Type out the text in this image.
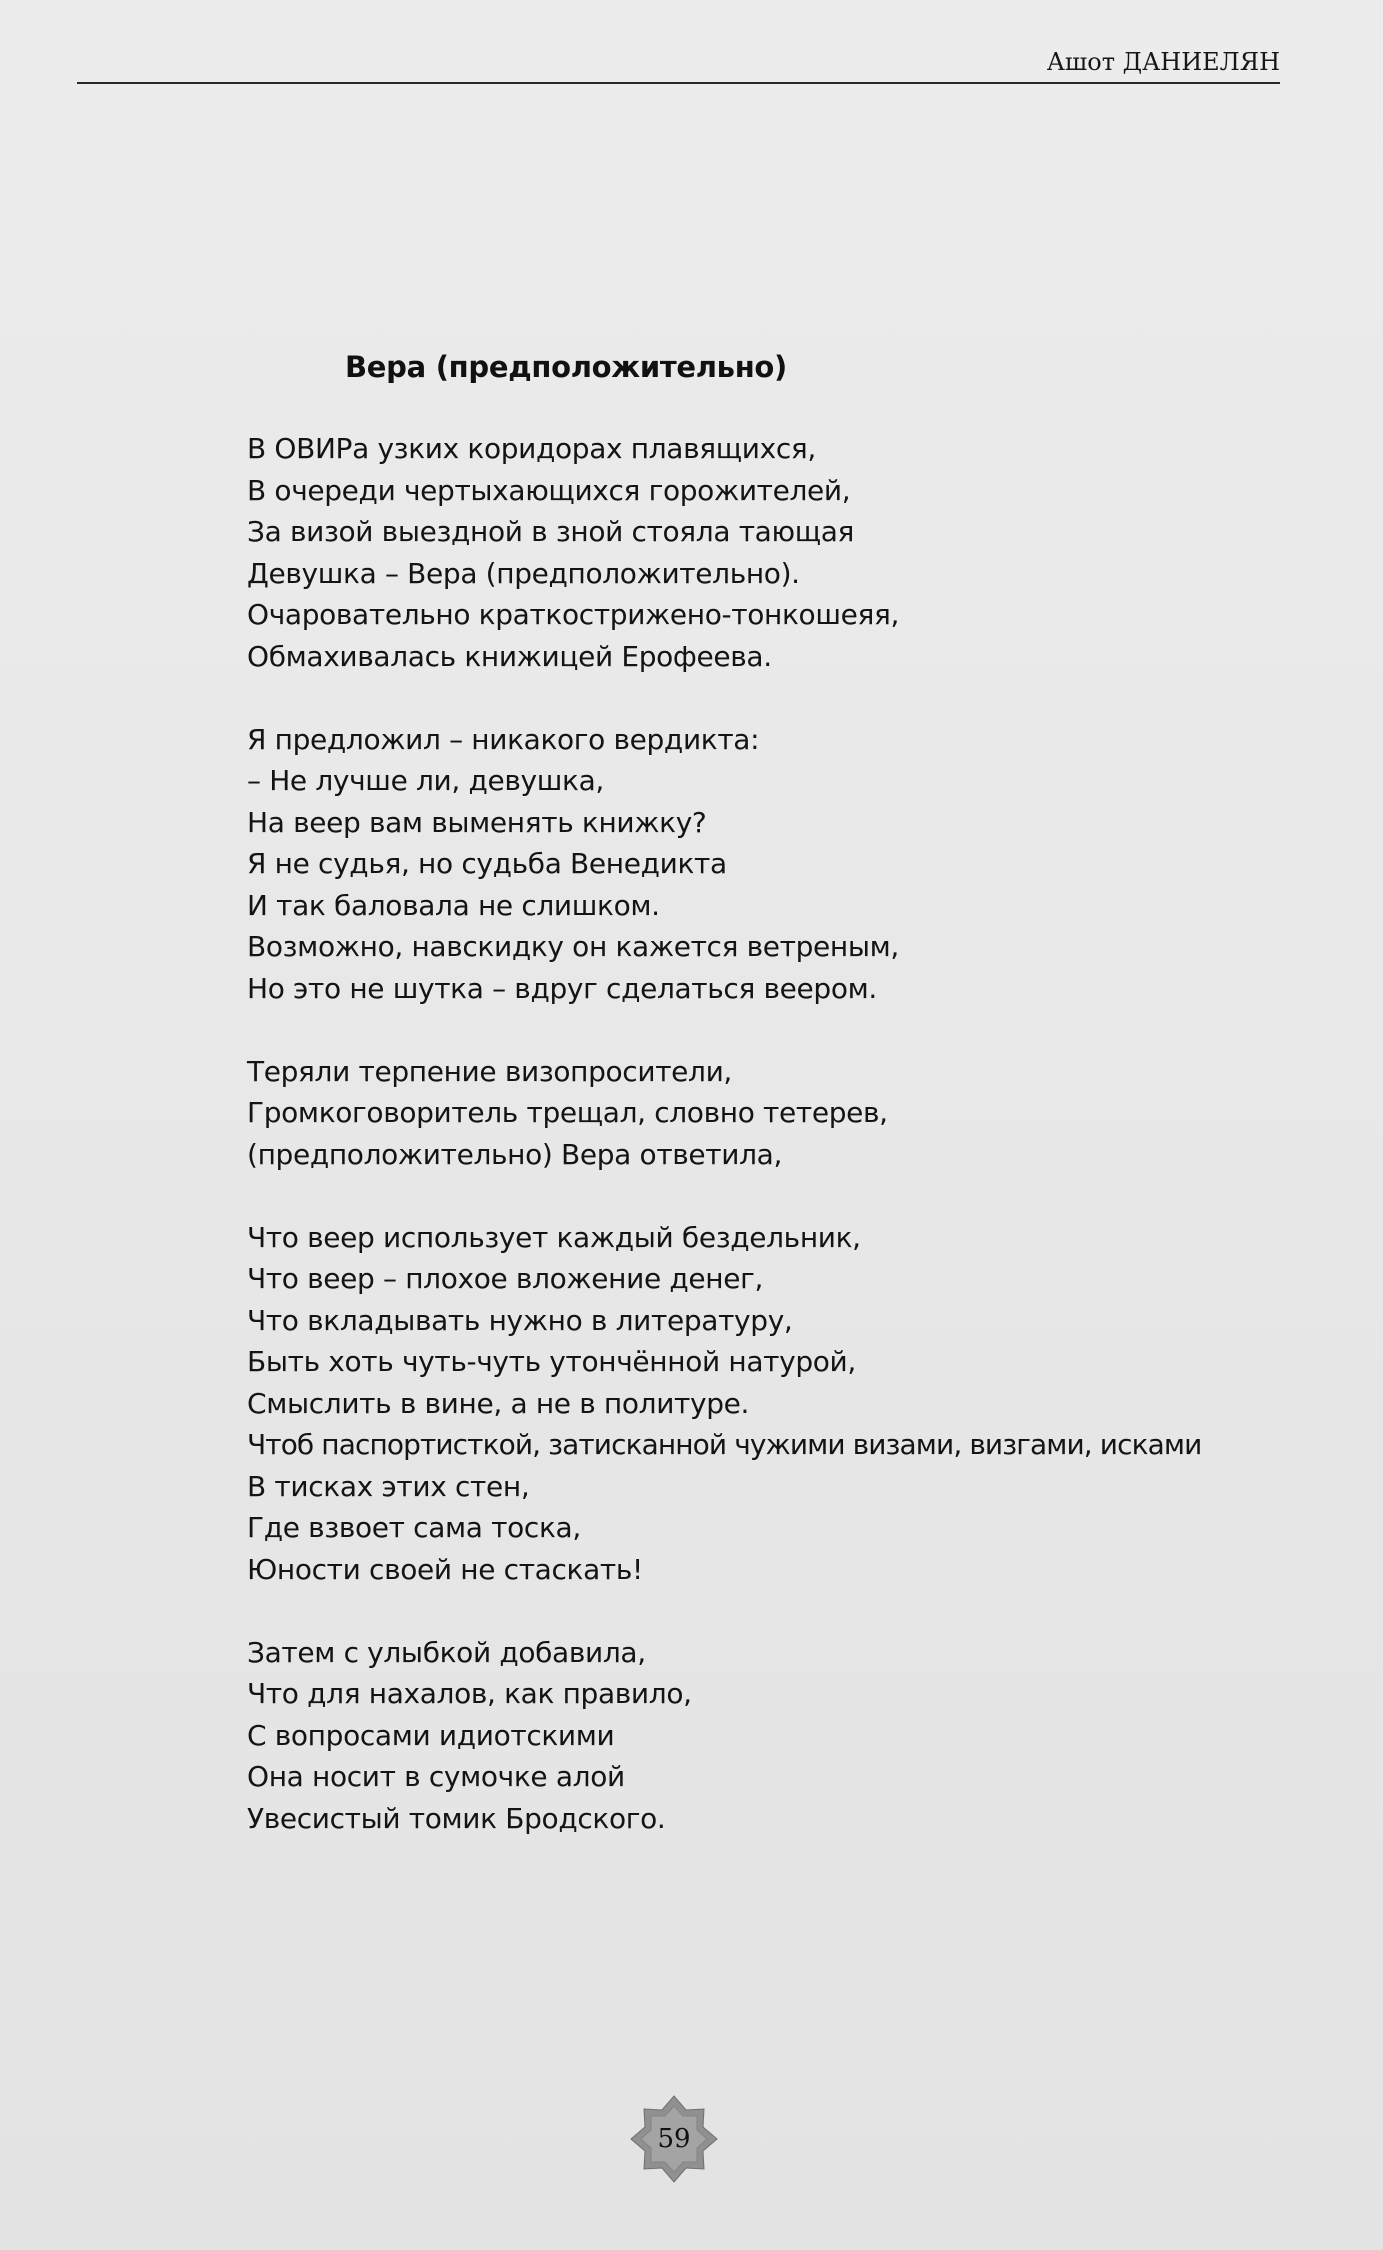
Ашот ДАНИЕЛЯН
Вера (предположительно)
В ОВИРа узких коридорах плавящихся,
В очереди чертыхающихся горожителей,
За визой выездной в зной стояла тающая
Девушка – Вера (предположительно).
Очаровательно краткострижено-тонкошеяя,
Обмахивалась книжицей Ерофеева.
Я предложил – никакого вердикта:
– Не лучше ли, девушка,
На веер вам выменять книжку?
Я не судья, но судьба Венедикта
И так баловала не слишком.
Возможно, навскидку он кажется ветреным,
Но это не шутка – вдруг сделаться веером.
Теряли терпение визопросители,
Громкоговоритель трещал, словно тетерев,
(предположительно) Вера ответила,
Что веер использует каждый бездельник,
Что веер – плохое вложение денег,
Что вкладывать нужно в литературу,
Быть хоть чуть-чуть утончённой натурой,
Смыслить в вине, а не в политуре.
Чтоб паспортисткой, затисканной чужими визами, визгами, исками
В тисках этих стен,
Где взвоет сама тоска,
Юности своей не стаскать!
Затем с улыбкой добавила,
Что для нахалов, как правило,
С вопросами идиотскими
Она носит в сумочке алой
Увесистый томик Бродского.
59
